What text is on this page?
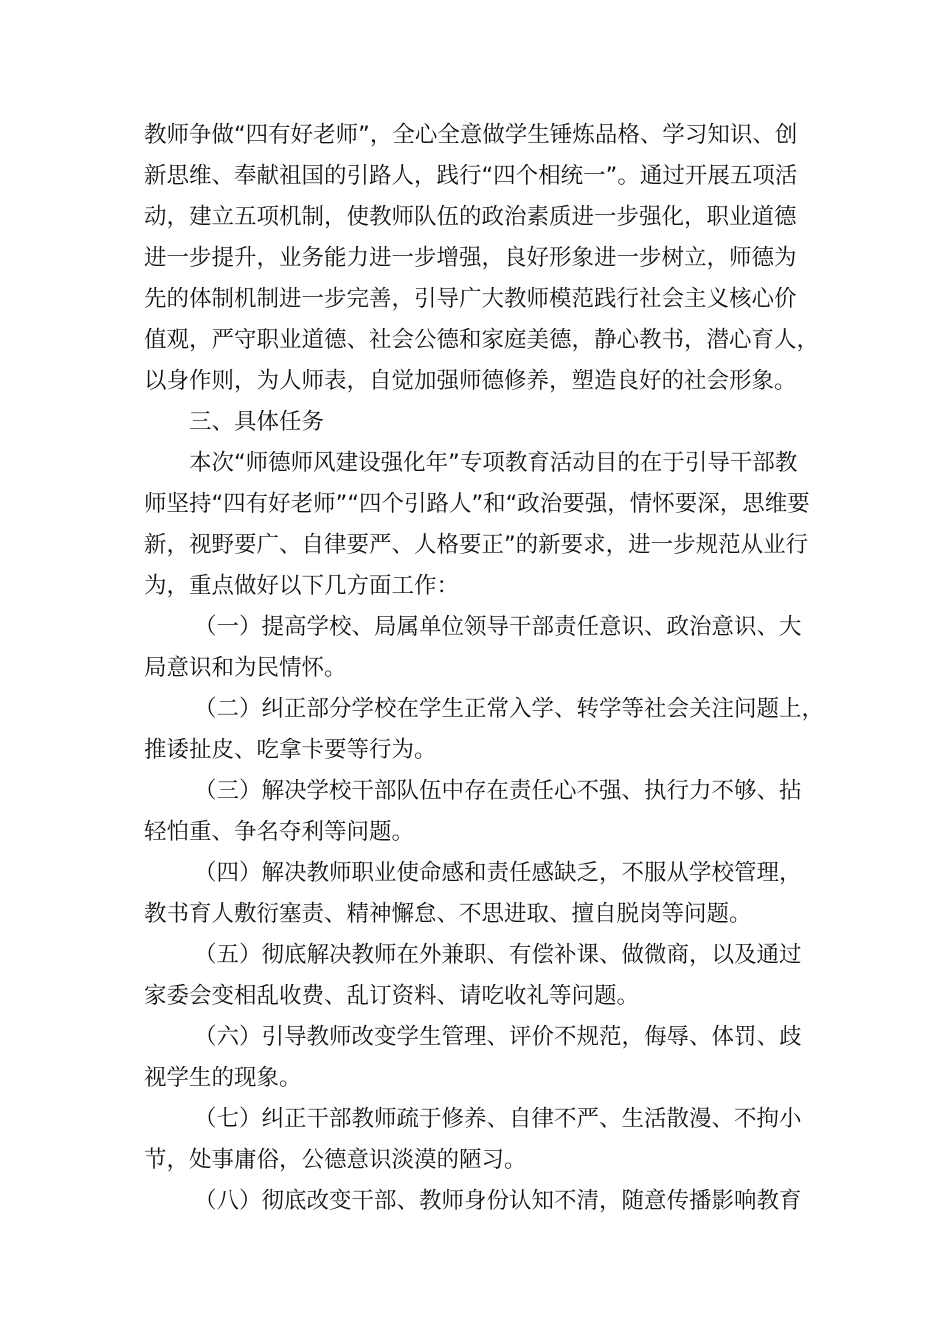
教师争做“四有好老师”，全心全意做学生锤炼品格、学习知识、创
新思维、奉献祖国的引路人，践行“四个相统一”。通过开展五项活
动，建立五项机制，使教师队伍的政治素质进一步强化，职业道德
进一步提升，业务能力进一步增强，良好形象进一步树立，师德为
先的体制机制进一步完善，引导广大教师模范践行社会主义核心价
值观，严守职业道德、社会公德和家庭美德，静心教书，潜心育人，
以身作则，为人师表，自觉加强师德修养，塑造良好的社会形象。

三、具体任务

本次“师德师风建设强化年”专项教育活动目的在于引导干部教
师坚持“四有好老师”“四个引路人”和“政治要强，情怀要深，思维要
新，视野要广、自律要严、人格要正”的新要求，进一步规范从业行
为，重点做好以下几方面工作：

（一）提高学校、局属单位领导干部责任意识、政治意识、大
局意识和为民情怀。

（二）纠正部分学校在学生正常入学、转学等社会关注问题上，
推诿扯皮、吃拿卡要等行为。

（三）解决学校干部队伍中存在责任心不强、执行力不够、拈
轻怕重、争名夺利等问题。

（四）解决教师职业使命感和责任感缺乏，不服从学校管理，
教书育人敷衍塞责、精神懈怠、不思进取、擅自脱岗等问题。

（五）彻底解决教师在外兼职、有偿补课、做微商，以及通过
家委会变相乱收费、乱订资料、请吃收礼等问题。

（六）引导教师改变学生管理、评价不规范，侮辱、体罚、歧
视学生的现象。

（七）纠正干部教师疏于修养、自律不严、生活散漫、不拘小
节，处事庸俗，公德意识淡漠的陋习。

（八）彻底改变干部、教师身份认知不清，随意传播影响教育
